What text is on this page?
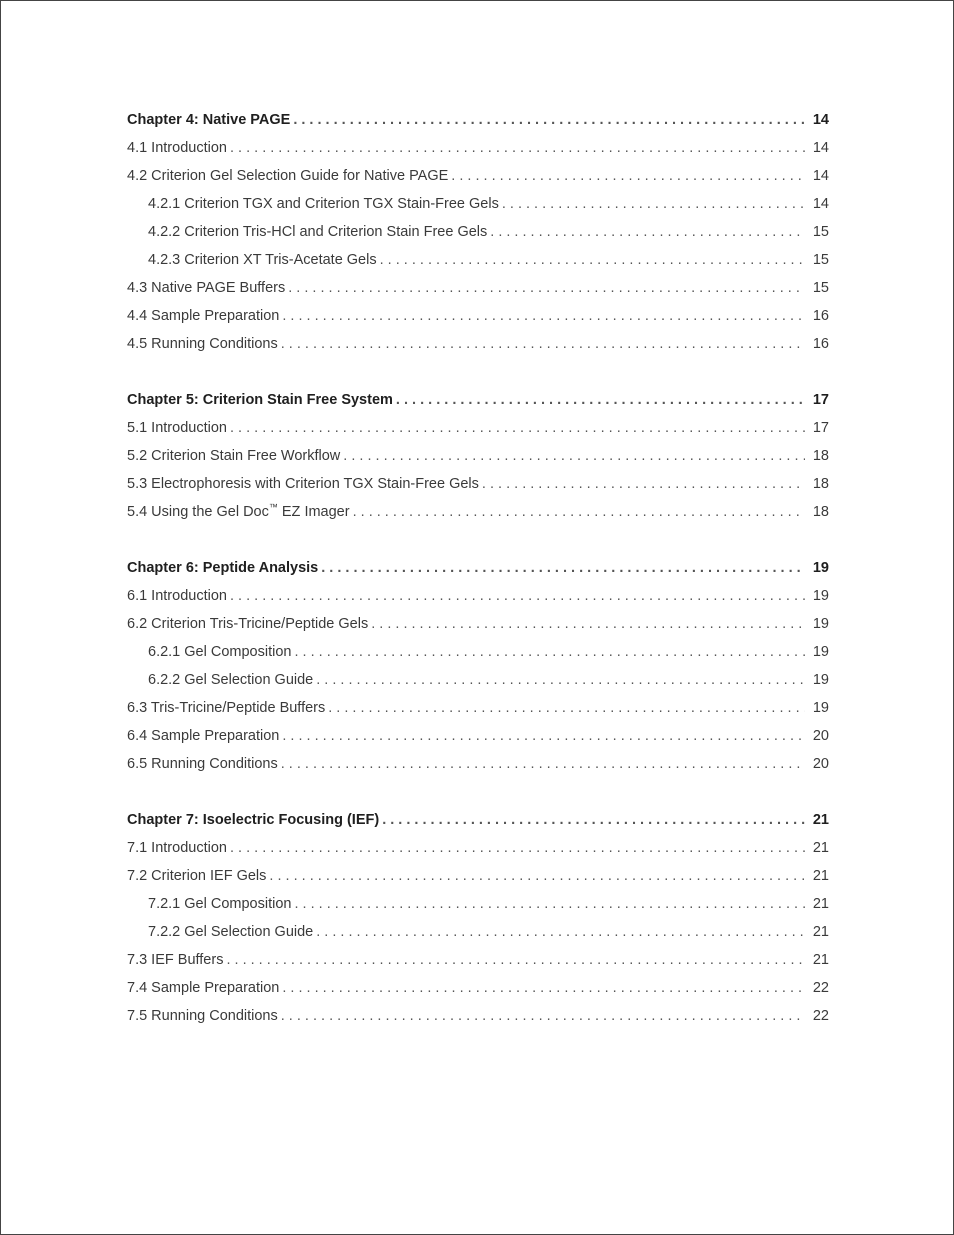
Chapter 4: Native PAGE . . .	14
4.1 Introduction . . .	14
4.2 Criterion Gel Selection Guide for Native PAGE . . .	14
4.2.1 Criterion TGX and Criterion TGX Stain-Free Gels . . .	14
4.2.2 Criterion Tris-HCl and Criterion Stain Free Gels . . .	15
4.2.3 Criterion XT Tris-Acetate Gels . . .	15
4.3 Native PAGE Buffers . . .	15
4.4 Sample Preparation . . .	16
4.5 Running Conditions . . .	16
Chapter 5: Criterion Stain Free System . . .	17
5.1 Introduction . . .	17
5.2 Criterion Stain Free Workflow . . .	18
5.3 Electrophoresis with Criterion TGX Stain-Free Gels . . .	18
5.4 Using the Gel Doc™ EZ Imager . . .	18
Chapter 6: Peptide Analysis . . .	19
6.1 Introduction . . .	19
6.2 Criterion Tris-Tricine/Peptide Gels . . .	19
6.2.1 Gel Composition . . .	19
6.2.2 Gel Selection Guide . . .	19
6.3 Tris-Tricine/Peptide Buffers . . .	19
6.4 Sample Preparation . . .	20
6.5 Running Conditions . . .	20
Chapter 7: Isoelectric Focusing (IEF) . . .	21
7.1 Introduction . . .	21
7.2 Criterion IEF Gels . . .	21
7.2.1 Gel Composition . . .	21
7.2.2 Gel Selection Guide . . .	21
7.3 IEF Buffers . . .	21
7.4 Sample Preparation . . .	22
7.5 Running Conditions . . .	22
